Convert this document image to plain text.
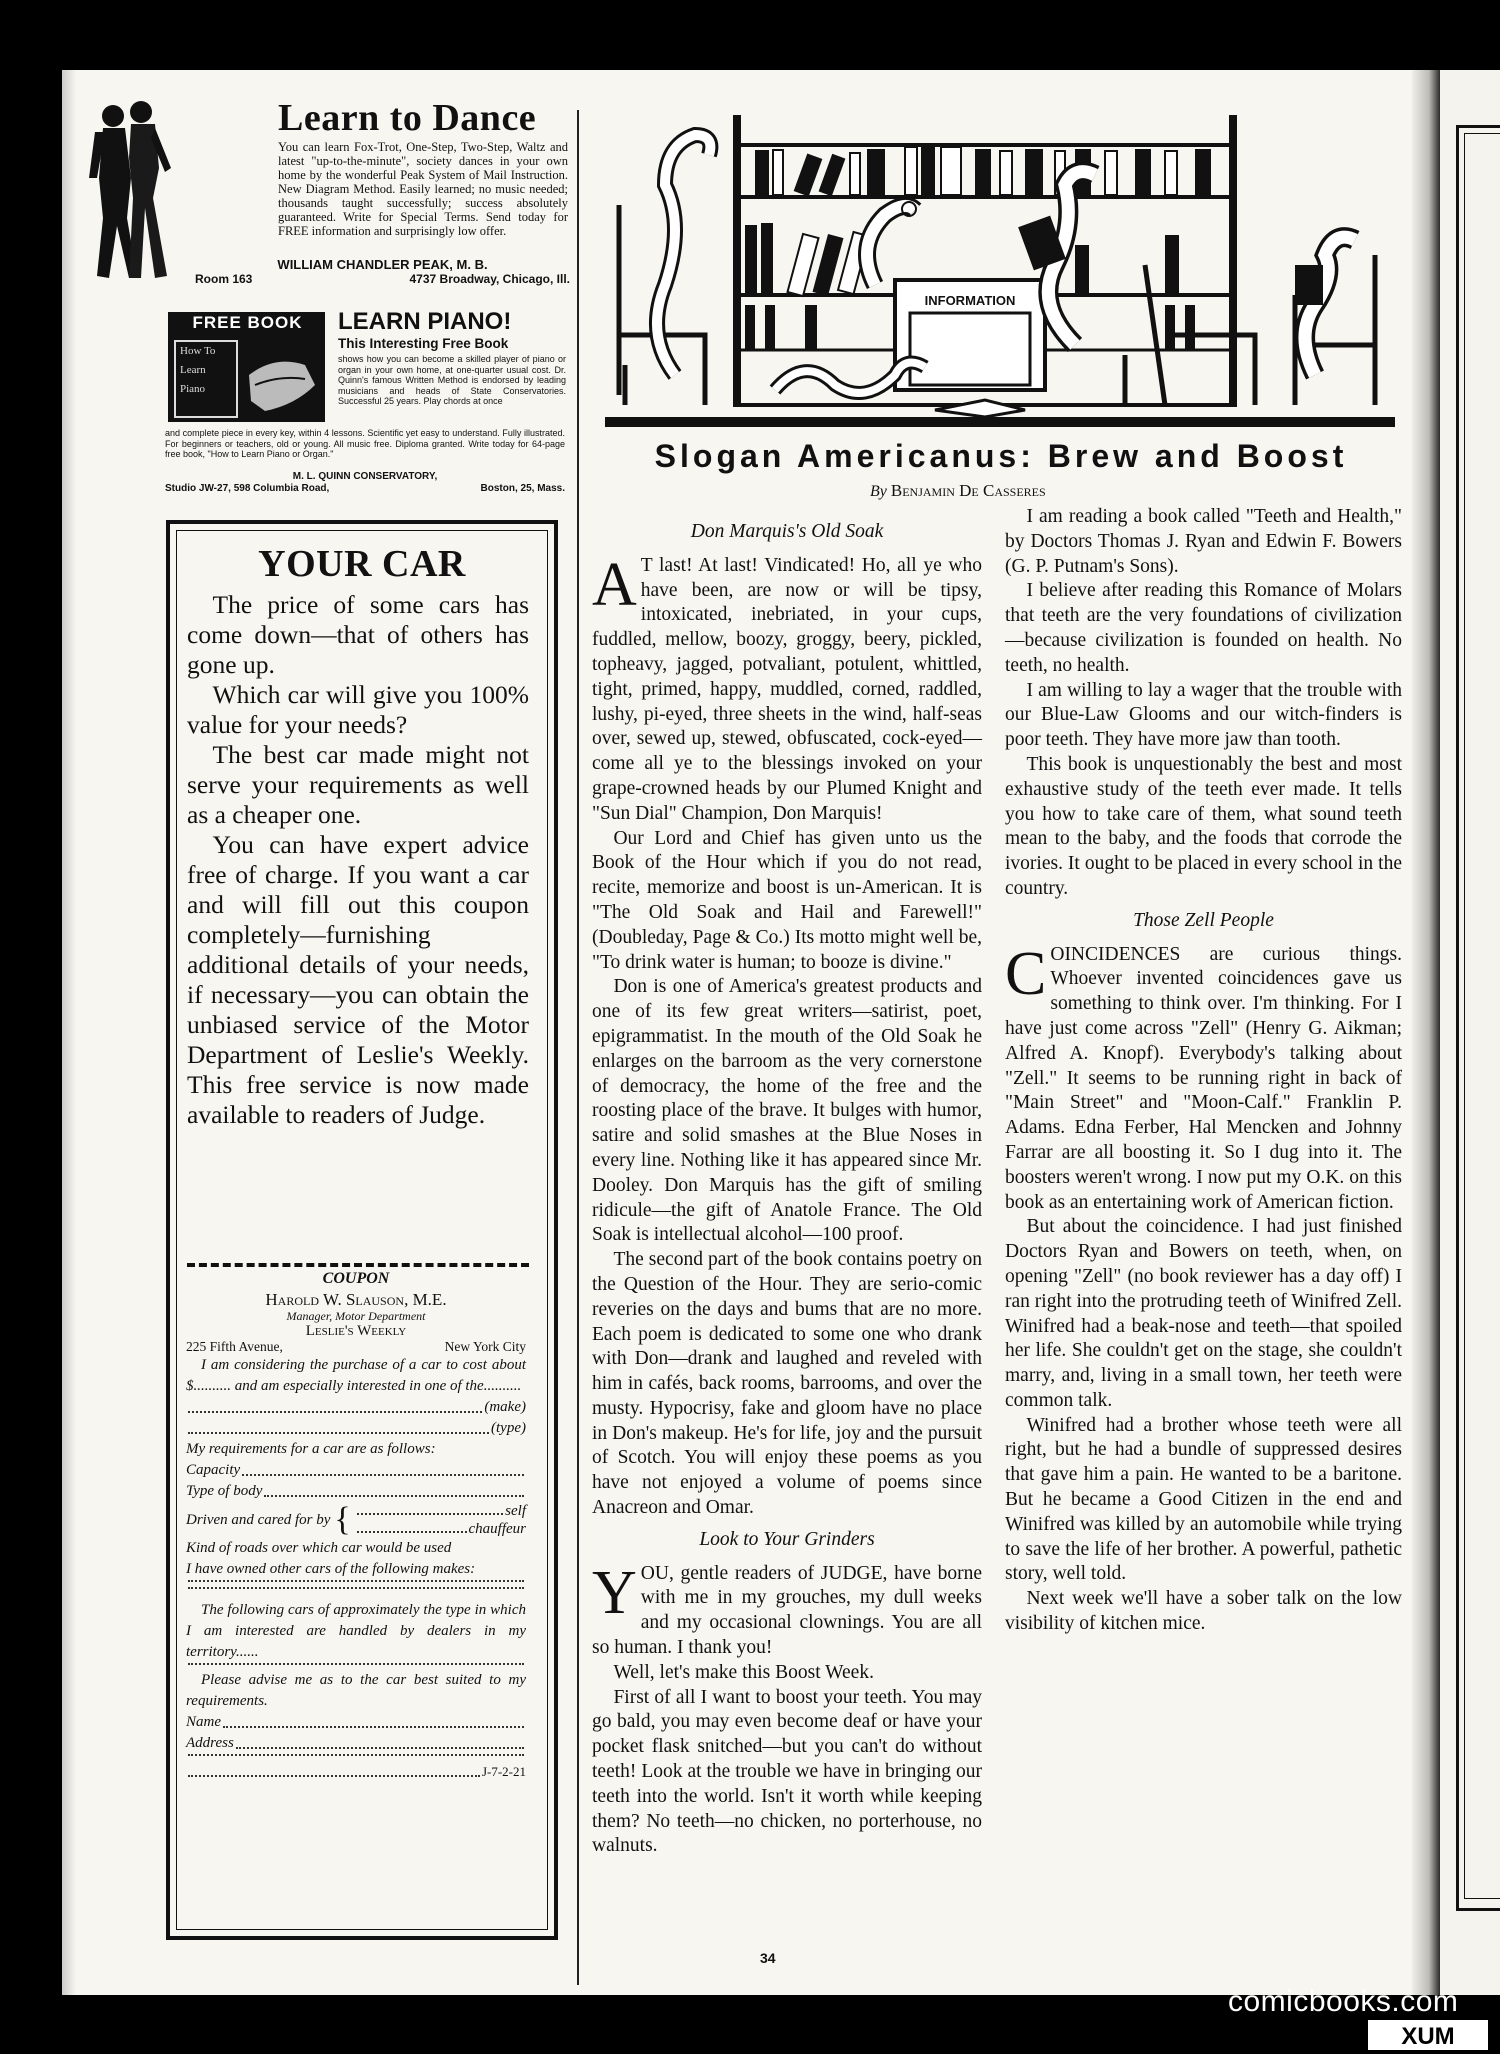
Learn to Dance
You can learn Fox-Trot, One-Step, Two-Step, Waltz and latest "up-to-the-minute", society dances in your own home by the wonderful Peak System of Mail Instruction. New Diagram Method. Easily learned; no music needed; thousands taught successfully; success absolutely guaranteed. Write for Special Terms. Send today for FREE information and surprisingly low offer.
WILLIAM CHANDLER PEAK, M. B.
Room 163	4737 Broadway, Chicago, Ill.
FREE BOOK
How To
Learn
Piano
LEARN PIANO!
This Interesting Free Book
shows how you can become a skilled player of piano or organ in your own home, at one-quarter usual cost. Dr. Quinn's famous Written Method is endorsed by leading musicians and heads of State Conservatories. Successful 25 years. Play chords at once
and complete piece in every key, within 4 lessons. Scientific yet easy to understand. Fully illustrated. For beginners or teachers, old or young. All music free. Diploma granted. Write today for 64-page free book, "How to Learn Piano or Organ."
M. L. QUINN CONSERVATORY,
Studio JW-27, 598 Columbia Road,	Boston, 25, Mass.
YOUR CAR

The price of some cars has come down—that of others has gone up.

Which car will give you 100% value for your needs?

The best car made might not serve your requirements as well as a cheaper one.

You can have expert advice free of charge. If you want a car and will fill out this coupon completely—furnishing additional details of your needs, if necessary—you can obtain the unbiased service of the Motor Department of Leslie's Weekly. This free service is now made available to readers of Judge.

COUPON
Harold W. Slauson, M.E.
Manager, Motor Department
Leslie's Weekly
225 Fifth Avenue,	New York City
I am considering the purchase of a car to cost about $.......... and am especially interested in one of the..........
(make)
(type)
My requirements for a car are as follows:
Capacity
Type of body
Driven and cared for by {	self
chauffeur
Kind of roads over which car would be used
I have owned other cars of the following makes:
The following cars of approximately the type in which I am interested are handled by dealers in my territory......
Please advise me as to the car best suited to my requirements.
Name
Address
J-7-2-21
INFORMATION
Slogan Americanus: Brew and Boost
By Benjamin De Casseres

Don Marquis's Old Soak

A T last! At last! Vindicated! Ho, all ye who have been, are now or will be tipsy, intoxicated, inebriated, in your cups, fuddled, mellow, boozy, groggy, beery, pickled, topheavy, jagged, potvaliant, potulent, whittled, tight, primed, happy, muddled, corned, raddled, lushy, pi-eyed, three sheets in the wind, half-seas over, sewed up, stewed, obfuscated, cock-eyed—come all ye to the blessings invoked on your grape-crowned heads by our Plumed Knight and "Sun Dial" Champion, Don Marquis!

Our Lord and Chief has given unto us the Book of the Hour which if you do not read, recite, memorize and boost is un-American. It is "The Old Soak and Hail and Farewell!" (Doubleday, Page & Co.) Its motto might well be, "To drink water is human; to booze is divine."

Don is one of America's greatest products and one of its few great writers—satirist, poet, epigrammatist. In the mouth of the Old Soak he enlarges on the barroom as the very cornerstone of democracy, the home of the free and the roosting place of the brave. It bulges with humor, satire and solid smashes at the Blue Noses in every line. Nothing like it has appeared since Mr. Dooley. Don Marquis has the gift of smiling ridicule—the gift of Anatole France. The Old Soak is intellectual alcohol—100 proof.

The second part of the book contains poetry on the Question of the Hour. They are serio-comic reveries on the days and bums that are no more. Each poem is dedicated to some one who drank with Don—drank and laughed and reveled with him in cafés, back rooms, barrooms, and over the musty. Hypocrisy, fake and gloom have no place in Don's makeup. He's for life, joy and the pursuit of Scotch. You will enjoy these poems as you have not enjoyed a volume of poems since Anacreon and Omar.

Look to Your Grinders

YOU, gentle readers of JUDGE, have borne with me in my grouches, my dull weeks and my occasional clownings. You are all so human. I thank you!

Well, let's make this Boost Week.

First of all I want to boost your teeth. You may go bald, you may even become deaf or have your pocket flask snitched—but you can't do without teeth! Look at the trouble we have in bringing our teeth into the world. Isn't it worth while keeping them? No teeth—no chicken, no porterhouse, no walnuts.

I am reading a book called "Teeth and Health," by Doctors Thomas J. Ryan and Edwin F. Bowers (G. P. Putnam's Sons).

I believe after reading this Romance of Molars that teeth are the very foundations of civilization—because civilization is founded on health. No teeth, no health.

I am willing to lay a wager that the trouble with our Blue-Law Glooms and our witch-finders is poor teeth. They have more jaw than tooth.

This book is unquestionably the best and most exhaustive study of the teeth ever made. It tells you how to take care of them, what sound teeth mean to the baby, and the foods that corrode the ivories. It ought to be placed in every school in the country.

Those Zell People

COINCIDENCES are curious things. Whoever invented coincidences gave us something to think over. I'm thinking. For I have just come across "Zell" (Henry G. Aikman; Alfred A. Knopf). Everybody's talking about "Zell." It seems to be running right in back of "Main Street" and "Moon-Calf." Franklin P. Adams. Edna Ferber, Hal Mencken and Johnny Farrar are all boosting it. So I dug into it. The boosters weren't wrong. I now put my O.K. on this book as an entertaining work of American fiction.

But about the coincidence. I had just finished Doctors Ryan and Bowers on teeth, when, on opening "Zell" (no book reviewer has a day off) I ran right into the protruding teeth of Winifred Zell. Winifred had a beak-nose and teeth—that spoiled her life. She couldn't get on the stage, she couldn't marry, and, living in a small town, her teeth were common talk.

Winifred had a brother whose teeth were all right, but he had a bundle of suppressed desires that gave him a pain. He wanted to be a baritone. But he became a Good Citizen in the end and Winifred was killed by an automobile while trying to save the life of her brother. A powerful, pathetic story, well told.

Next week we'll have a sober talk on the low visibility of kitchen mice.

34
comicbooks.com
XUM
